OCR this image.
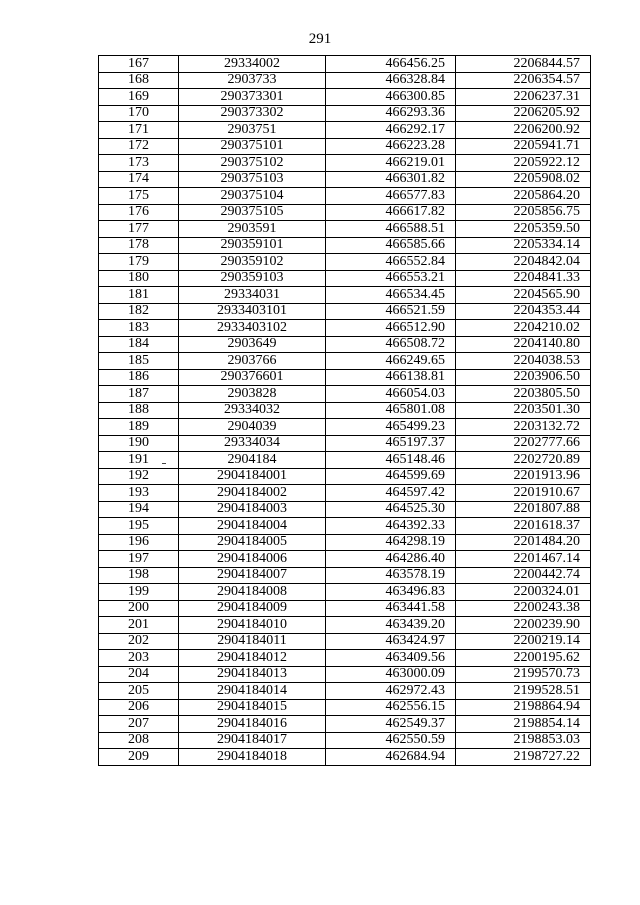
291
167	29334002	466456.25	2206844.57
168	2903733	466328.84	2206354.57
169	290373301	466300.85	2206237.31
170	290373302	466293.36	2206205.92
171	2903751	466292.17	2206200.92
172	290375101	466223.28	2205941.71
173	290375102	466219.01	2205922.12
174	290375103	466301.82	2205908.02
175	290375104	466577.83	2205864.20
176	290375105	466617.82	2205856.75
177	2903591	466588.51	2205359.50
178	290359101	466585.66	2205334.14
179	290359102	466552.84	2204842.04
180	290359103	466553.21	2204841.33
181	29334031	466534.45	2204565.90
182	2933403101	466521.59	2204353.44
183	2933403102	466512.90	2204210.02
184	2903649	466508.72	2204140.80
185	2903766	466249.65	2204038.53
186	290376601	466138.81	2203906.50
187	2903828	466054.03	2203805.50
188	29334032	465801.08	2203501.30
189	2904039	465499.23	2203132.72
190	29334034	465197.37	2202777.66
191	2904184	465148.46	2202720.89
192	2904184001	464599.69	2201913.96
193	2904184002	464597.42	2201910.67
194	2904184003	464525.30	2201807.88
195	2904184004	464392.33	2201618.37
196	2904184005	464298.19	2201484.20
197	2904184006	464286.40	2201467.14
198	2904184007	463578.19	2200442.74
199	2904184008	463496.83	2200324.01
200	2904184009	463441.58	2200243.38
201	2904184010	463439.20	2200239.90
202	2904184011	463424.97	2200219.14
203	2904184012	463409.56	2200195.62
204	2904184013	463000.09	2199570.73
205	2904184014	462972.43	2199528.51
206	2904184015	462556.15	2198864.94
207	2904184016	462549.37	2198854.14
208	2904184017	462550.59	2198853.03
209	2904184018	462684.94	2198727.22
